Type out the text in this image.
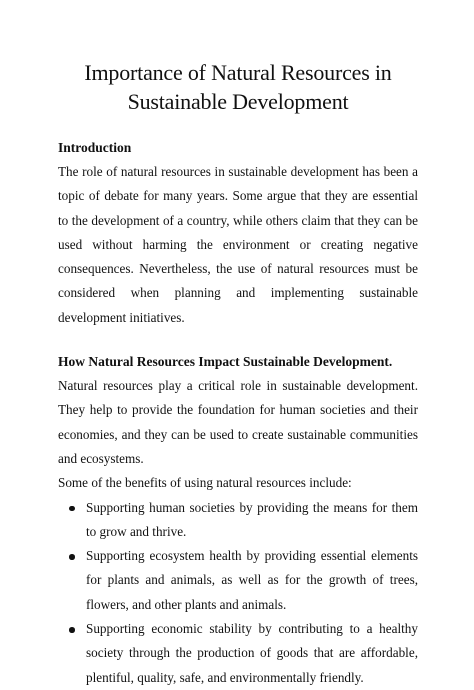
Importance of Natural Resources in Sustainable Development
Introduction

The role of natural resources in sustainable development has been a topic of debate for many years. Some argue that they are essential to the development of a country, while others claim that they can be used without harming the environment or creating negative consequences. Nevertheless, the use of natural resources must be considered when planning and implementing sustainable development initiatives.

How Natural Resources Impact Sustainable Development.

Natural resources play a critical role in sustainable development. They help to provide the foundation for human societies and their economies, and they can be used to create sustainable communities and ecosystems.

Some of the benefits of using natural resources include:

Supporting human societies by providing the means for them to grow and thrive.
Supporting ecosystem health by providing essential elements for plants and animals, as well as for the growth of trees, flowers, and other plants and animals.
Supporting economic stability by contributing to a healthy society through the production of goods that are affordable, plentiful, quality, safe, and environmentally friendly.
